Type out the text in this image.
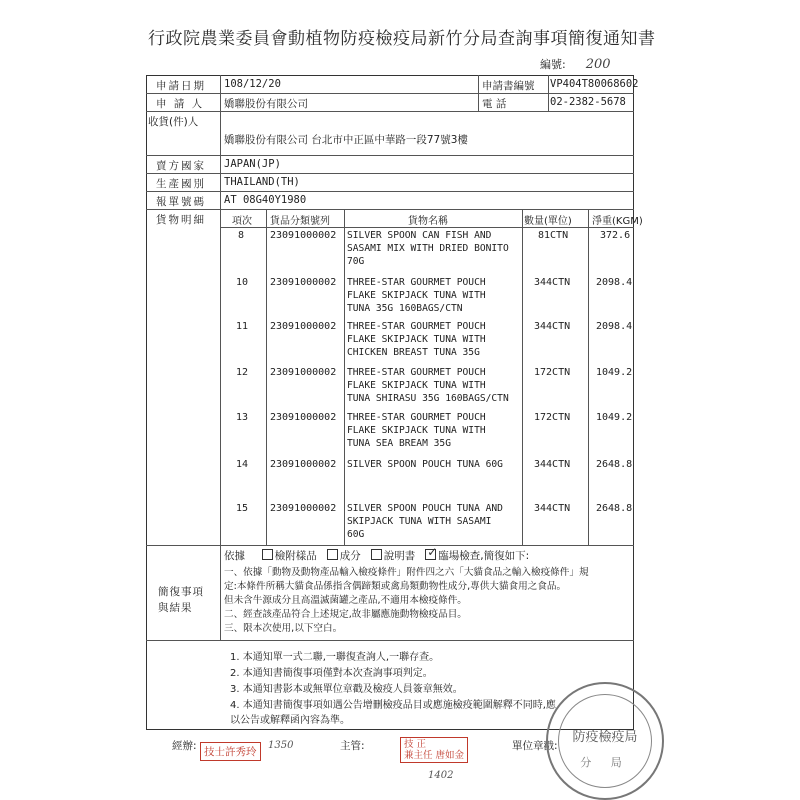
行政院農業委員會動植物防疫檢疫局新竹分局查詢事項簡復通知書
編號: 200
申請日期 108/12/20	申請書編號 VP404T80068602
申 請 人 嬌聯股份有限公司	電 話	02-2382-5678
收貨(件)人
嬌聯股份有限公司 台北市中正區中華路一段77號3樓
賣方國家 JAPAN(JP)
生產國別 THAILAND(TH)
報單號碼 AT 08G40Y1980
貨物明細	項次 貨品分類號列	貨物名稱	數量(單位) 淨重(KGM)
8	23091000002 SILVER SPOON CAN FISH AND
SASAMI MIX WITH DRIED BONITO
70G
81CTN	372.6
10 23091000002 THREE-STAR GOURMET POUCH
FLAKE SKIPJACK TUNA WITH
TUNA 35G 160BAGS/CTN
344CTN	2098.4
11 23091000002 THREE-STAR GOURMET POUCH
FLAKE SKIPJACK TUNA WITH
CHICKEN BREAST TUNA 35G
344CTN	2098.4
12 23091000002 THREE-STAR GOURMET POUCH
FLAKE SKIPJACK TUNA WITH
TUNA SHIRASU 35G 160BAGS/CTN
172CTN	1049.2
13 23091000002 THREE-STAR GOURMET POUCH
FLAKE SKIPJACK TUNA WITH
TUNA SEA BREAM 35G
172CTN	1049.2
14 23091000002 SILVER SPOON POUCH TUNA 60G	344CTN	2648.8
15 23091000002 SILVER SPOON POUCH TUNA AND
SKIPJACK TUNA WITH SASAMI
60G
344CTN	2648.8
簡復事項
與結果
依據	檢附樣品 成分 說明書 ✓ 臨場檢查,簡復如下:
一、依據「動物及動物產品輸入檢疫條件」附件四之六「大貓食品之輸入檢疫條件」規
定:本條件所稱大貓食品係指含偶蹄類或禽鳥類動物性成分,專供大貓食用之食品。
但未含牛源成分且高溫滅菌罐之產品,不適用本檢疫條件。
二、經查該產品符合上述規定,故非屬應施動物檢疫品目。
三、限本次使用,以下空白。
1. 本通知單一式二聯,一聯復查詢人,一聯存查。
2. 本通知書簡復事項僅對本次查詢事項判定。
3. 本通知書影本或無單位章戳及檢疫人員簽章無效。
4. 本通知書簡復事項如遇公告增刪檢疫品目或應施檢疫範圍解釋不同時,應
以公告或解釋函內容為準。
經辦: 技士許秀玲
1350	主管:	技 正
兼主任 唐如金
1402
單位章戳:
防疫檢疫局
分 局
